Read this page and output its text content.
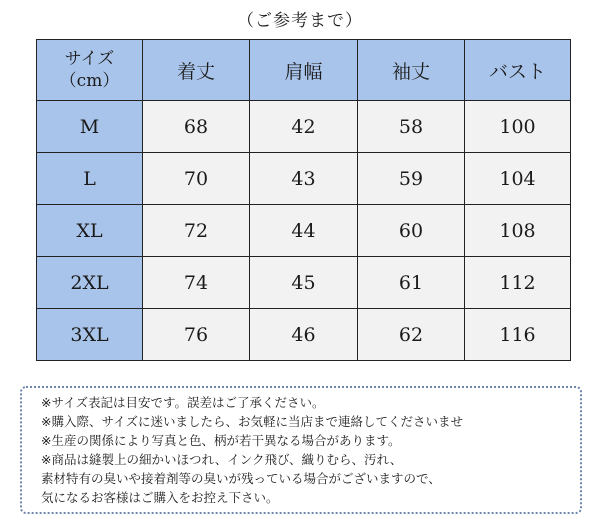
（ご参考まで）
サイズ
（cm）	着丈	肩幅	袖丈	バスト
M	68	42	58	100
L	70	43	59	104
XL	72	44	60	108
2XL	74	45	61	112
3XL	76	46	62	116
※サイズ表記は目安です。誤差はご了承ください。
※購入際、サイズに迷いましたら、お気軽に当店まで連絡してくださいませ
※生産の関係により写真と色、柄が若干異なる場合があります。
※商品は縫製上の細かいほつれ、インク飛び、織りむら、汚れ、
素材特有の臭いや接着剤等の臭いが残っている場合がございますので、
気になるお客様はご購入をお控え下さい。
